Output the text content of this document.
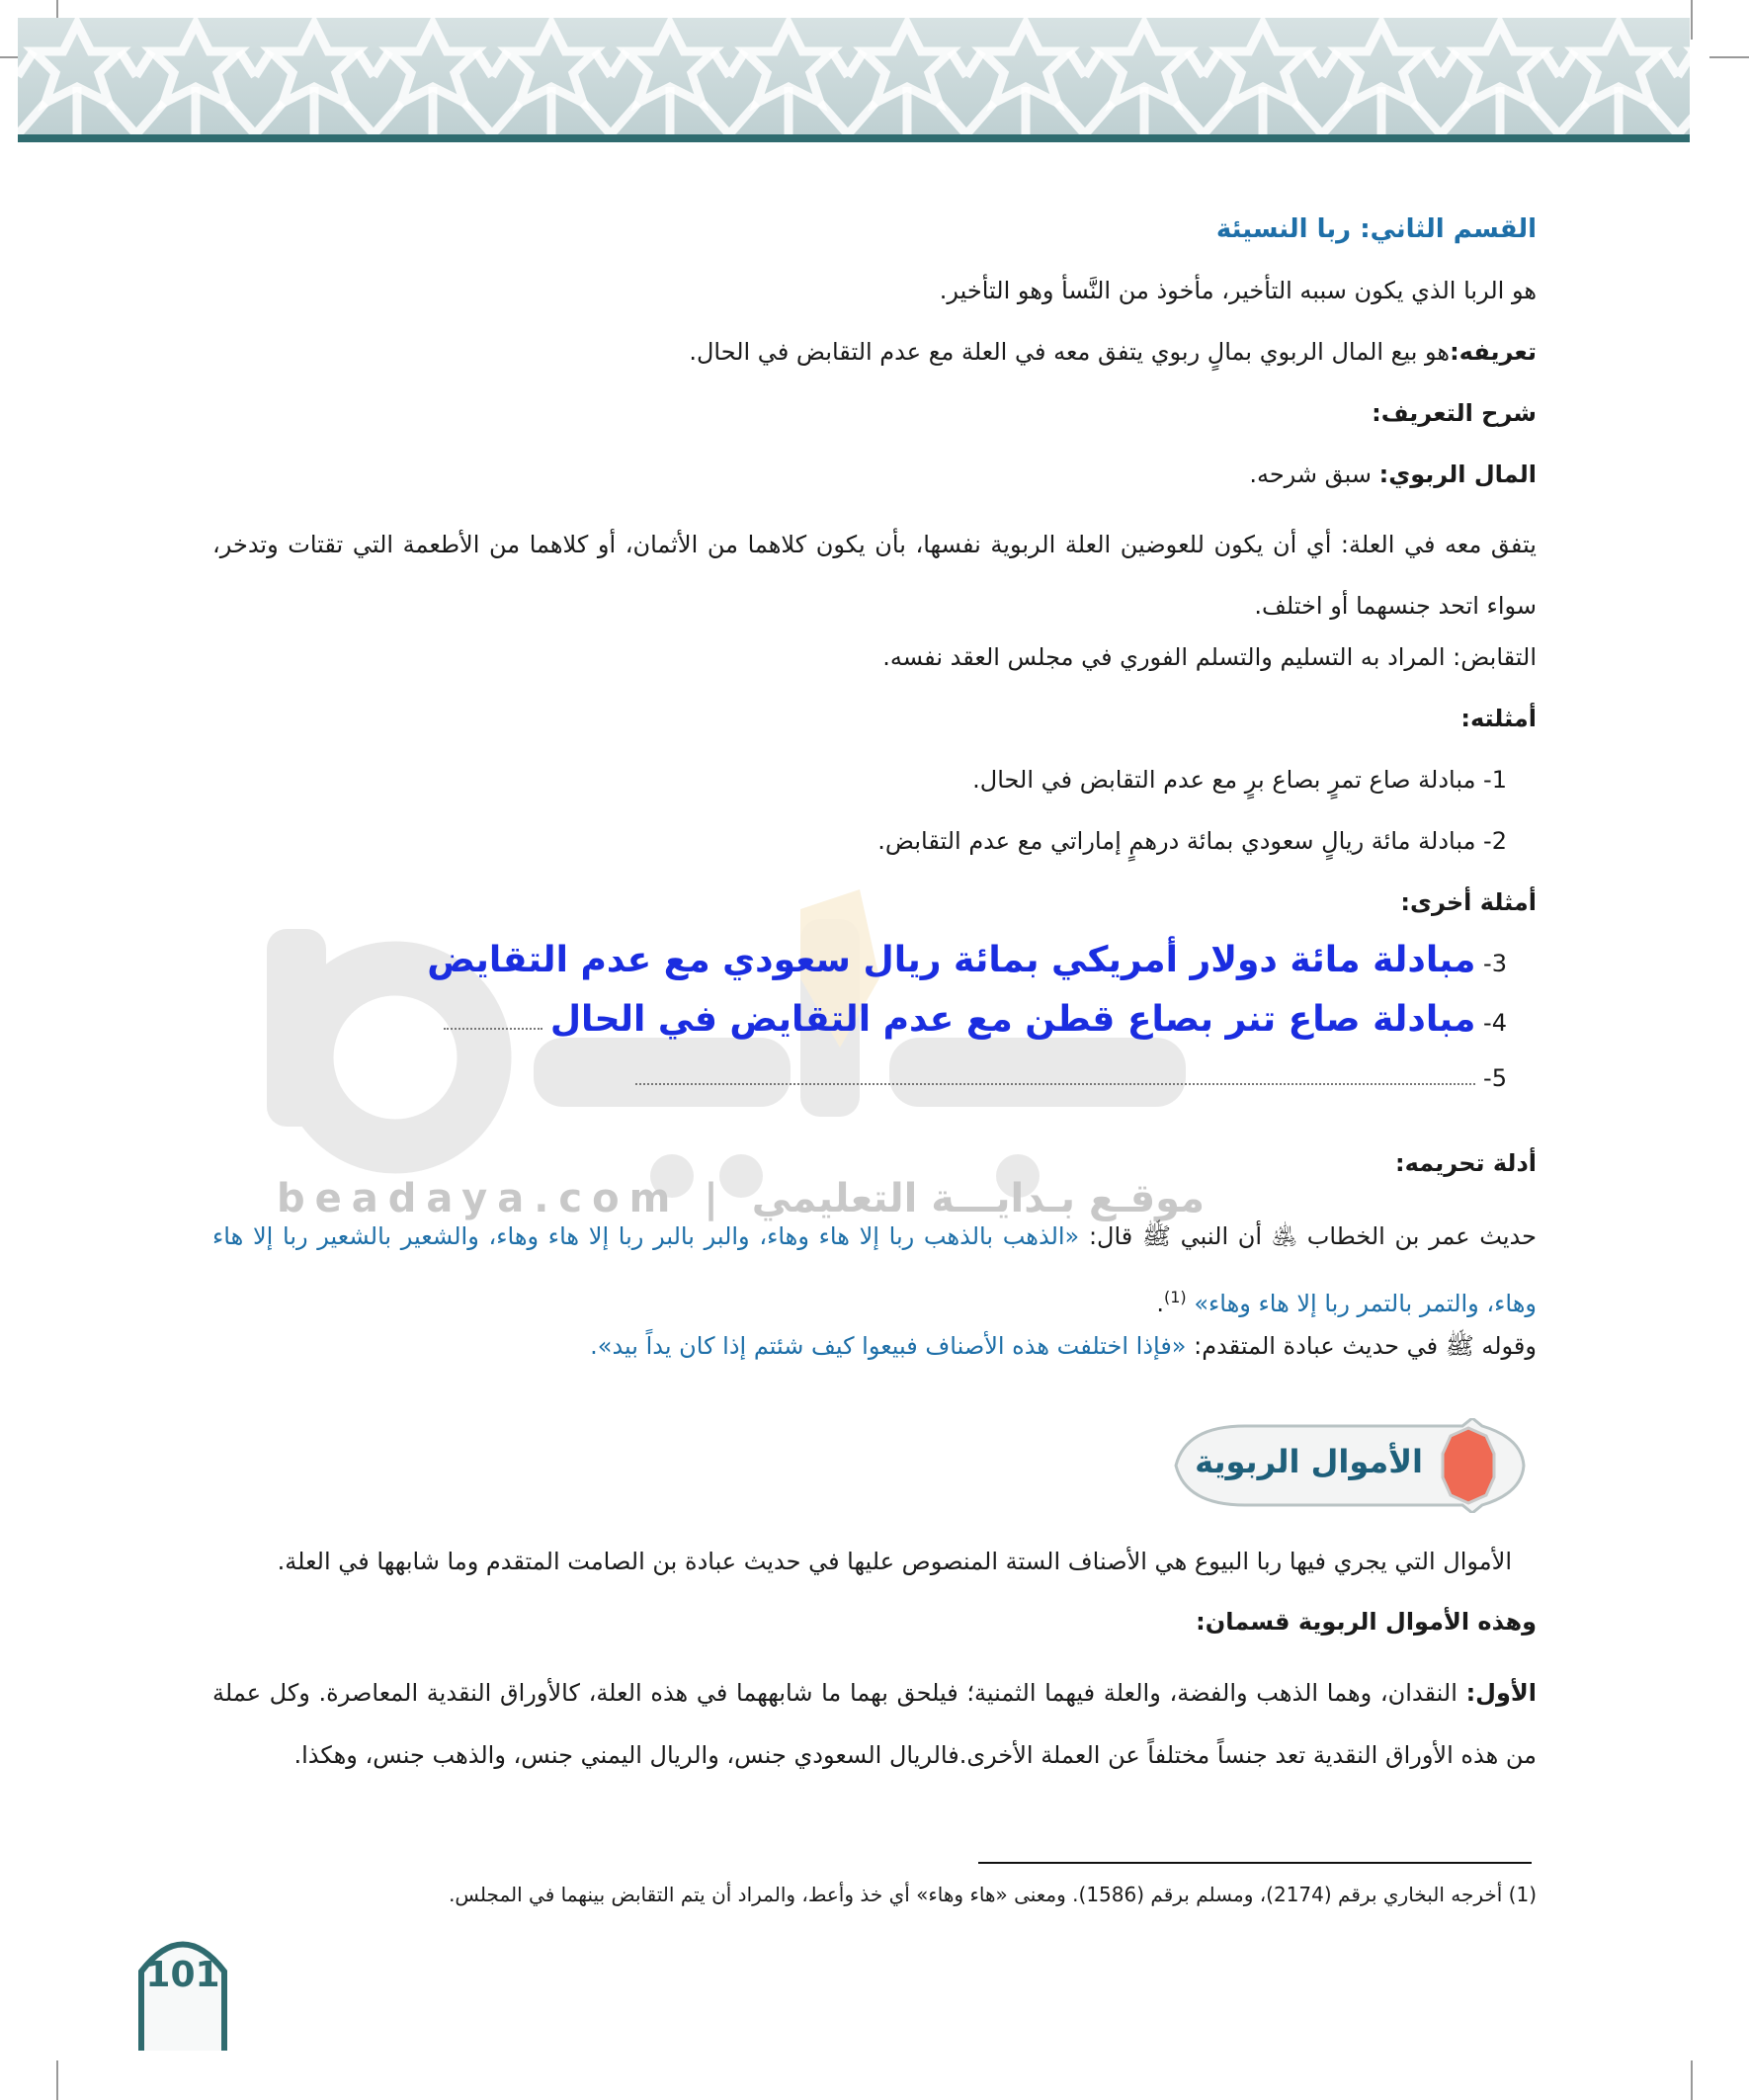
beadaya.com | موقـع بـدايـــة التعليمي
القسم الثاني: ربا النسيئة
هو الربا الذي يكون سببه التأخير، مأخوذ من النَّسأ وهو التأخير.
تعريفه:هو بيع المال الربوي بمالٍ ربوي يتفق معه في العلة مع عدم التقابض في الحال.
شرح التعريف:
المال الربوي: سبق شرحه.
يتفق معه في العلة: أي أن يكون للعوضين العلة الربوية نفسها، بأن يكون كلاهما من الأثمان، أو كلاهما من الأطعمة التي تقتات وتدخر، سواء اتحد جنسهما أو اختلف.
التقابض: المراد به التسليم والتسلم الفوري في مجلس العقد نفسه.
أمثلته:
1- مبادلة صاع تمرٍ بصاع برٍ مع عدم التقابض في الحال.
2- مبادلة مائة ريالٍ سعودي بمائة درهمٍ إماراتي مع عدم التقابض.
أمثلة أخرى:
3- مبادلة مائة دولار أمريكي بمائة ريال سعودي مع عدم التقايض
4- مبادلة صاع تنر بصاع قطن مع عدم التقايض في الحال
5-
أدلة تحريمه:
حديث عمر بن الخطاب ﵁ أن النبي ﷺ قال: «الذهب بالذهب ربا إلا هاء وهاء، والبر بالبر ربا إلا هاء وهاء، والشعير بالشعير ربا إلا هاء وهاء، والتمر بالتمر ربا إلا هاء وهاء» $^{(1)}$.
وقوله ﷺ في حديث عبادة المتقدم: «فإذا اختلفت هذه الأصناف فبيعوا كيف شئتم إذا كان يداً بيد».
الأموال الربوية
الأموال التي يجري فيها ربا البيوع هي الأصناف الستة المنصوص عليها في حديث عبادة بن الصامت المتقدم وما شابهها في العلة.
وهذه الأموال الربوية قسمان:
الأول: النقدان، وهما الذهب والفضة، والعلة فيهما الثمنية؛ فيلحق بهما ما شابههما في هذه العلة، كالأوراق النقدية المعاصرة. وكل عملة من هذه الأوراق النقدية تعد جنساً مختلفاً عن العملة الأخرى.فالريال السعودي جنس، والريال اليمني جنس، والذهب جنس، وهكذا.
(1) أخرجه البخاري برقم (2174)، ومسلم برقم (1586). ومعنى «هاء وهاء» أي خذ وأعط، والمراد أن يتم التقابض بينهما في المجلس.
101
